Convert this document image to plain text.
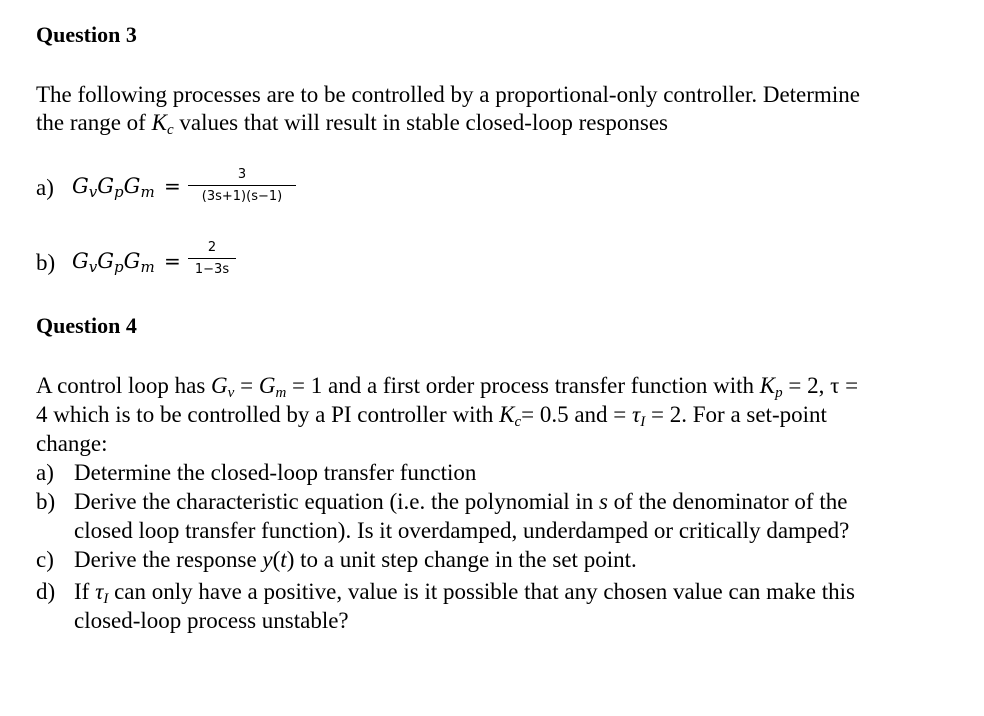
Question 3
The following processes are to be controlled by a proportional-only controller. Determine
the range of $K_c$ values that will result in stable closed-loop responses
a) $G_vG_pG_m$ =	3
(3s+1)(s−1)
b) $G_vG_pG_m$ =
2
1−3s
Question 4
A control loop has $G_v = G_m = 1$ and a first order process transfer function with $K_p = 2$, τ =
4 which is to be controlled by a PI controller with $K_c= 0.5$ and = $\tau_I = 2$. For a set-point
change:
a) Determine the closed-loop transfer function
b) Derive the characteristic equation (i.e. the polynomial in s of the denominator of the
closed loop transfer function). Is it overdamped, underdamped or critically damped?
c) Derive the response y(t) to a unit step change in the set point.
d) If $\tau_I$ can only have a positive, value is it possible that any chosen value can make this
closed-loop process unstable?
